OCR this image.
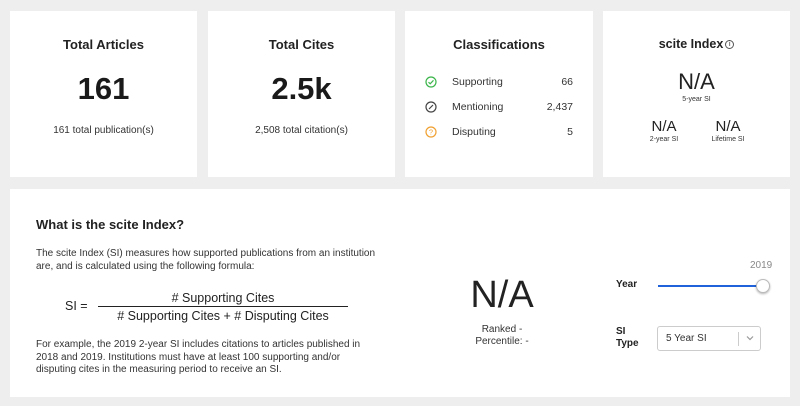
Total Articles
161
161 total publication(s)
Total Cites
2.5k
2,508 total citation(s)
Classifications
Supporting	66
Mentioning	2,437
? Disputing	5
scite Index i
N/A
5-year SI
N/A
2-year SI
N/A
Lifetime SI
What is the scite Index?
The scite Index (SI) measures how supported publications from an institution are, and is calculated using the following formula:
SI =
# Supporting Cites
# Supporting Cites + # Disputing Cites
For example, the 2019 2-year SI includes citations to articles published in 2018 and 2019. Institutions must have at least 100 supporting and/or disputing cites in the measuring period to receive an SI.
N/A
Ranked -
Percentile: -
Year
2019
SI Type	5 Year SI
